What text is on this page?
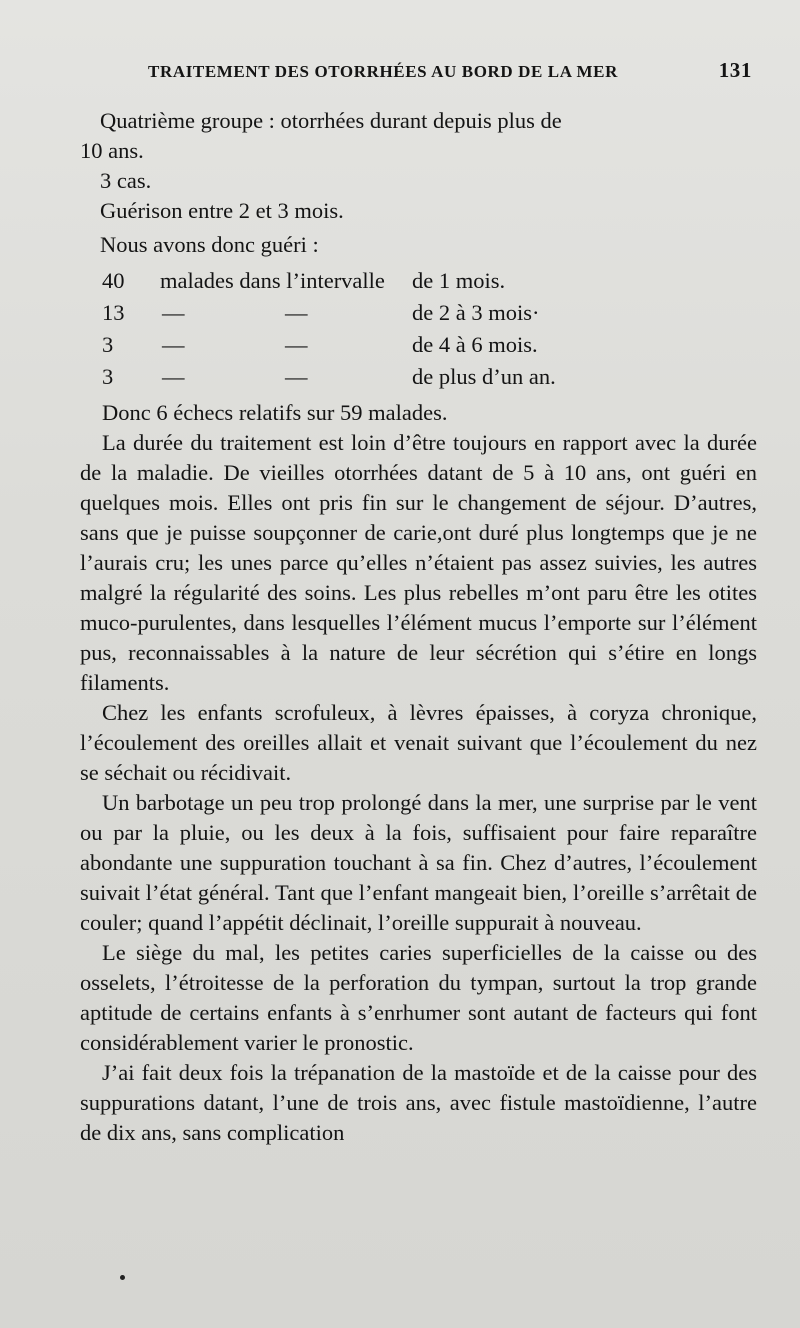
TRAITEMENT DES OTORRHÉES AU BORD DE LA MER	131

Quatrième groupe : otorrhées durant depuis plus de

10 ans.

3 cas.

Guérison entre 2 et 3 mois.

Nous avons donc guéri :

40 malades dans l’intervalle de 1 mois.
13 —	—	de 2 à 3 mois·
3 —	—	de 4 à 6 mois.
3 —	—	de plus d’un an.

Donc 6 échecs relatifs sur 59 malades.

La durée du traitement est loin d’être toujours en rapport avec la durée de la maladie. De vieilles otorrhées datant de 5 à 10 ans, ont guéri en quelques mois. Elles ont pris fin sur le changement de séjour. D’autres, sans que je puisse soupçonner de carie,ont duré plus longtemps que je ne l’aurais cru; les unes parce qu’elles n’étaient pas assez suivies, les autres malgré la régularité des soins. Les plus rebelles m’ont paru être les otites muco-purulentes, dans lesquelles l’élément mucus l’emporte sur l’élément pus, reconnaissables à la nature de leur sécrétion qui s’étire en longs filaments.

Chez les enfants scrofuleux, à lèvres épaisses, à coryza chronique, l’écoulement des oreilles allait et venait suivant que l’écoulement du nez se séchait ou récidivait.

Un barbotage un peu trop prolongé dans la mer, une surprise par le vent ou par la pluie, ou les deux à la fois, suffisaient pour faire reparaître abondante une suppuration touchant à sa fin. Chez d’autres, l’écoulement suivait l’état général. Tant que l’enfant mangeait bien, l’oreille s’arrêtait de couler; quand l’appétit déclinait, l’oreille suppurait à nouveau.

Le siège du mal, les petites caries superficielles de la caisse ou des osselets, l’étroitesse de la perforation du tympan, surtout la trop grande aptitude de certains enfants à s’enrhumer sont autant de facteurs qui font considérablement varier le pronostic.

J’ai fait deux fois la trépanation de la mastoïde et de la caisse pour des suppurations datant, l’une de trois ans, avec fistule mastoïdienne, l’autre de dix ans, sans complication
